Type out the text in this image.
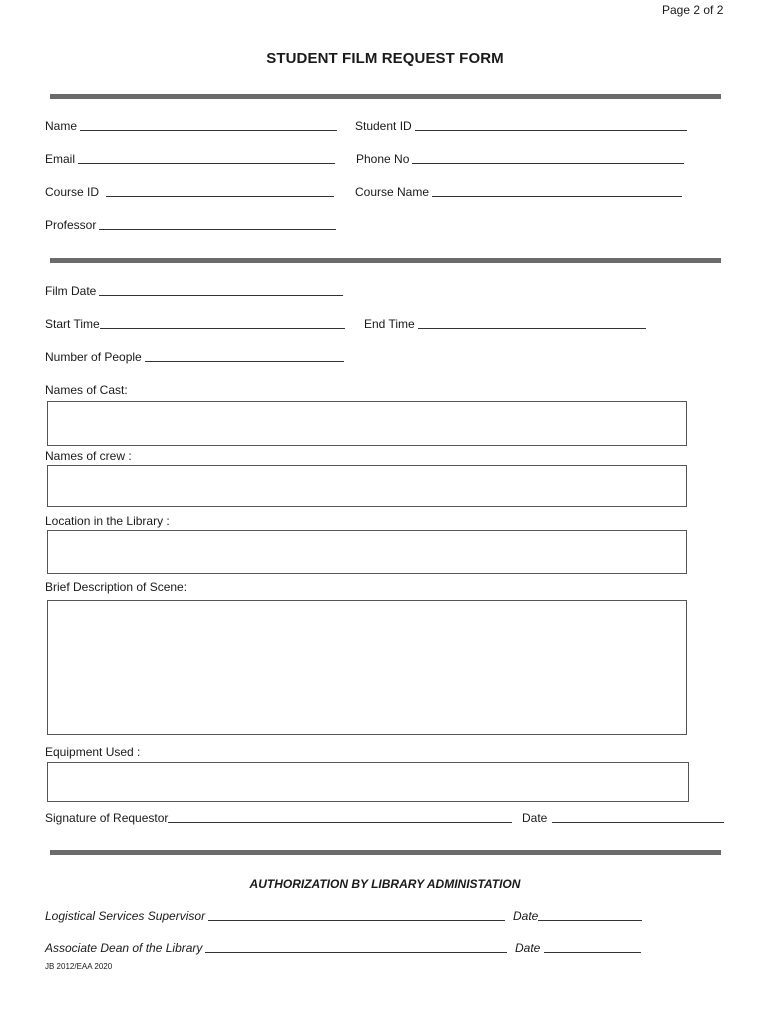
Page 2 of 2
STUDENT FILM REQUEST FORM
Name	Student ID
Email	Phone No
Course ID	Course Name
Professor
Film Date
Start Time	End Time
Number of People
Names of Cast:
Names of crew :
Location in the Library :
Brief Description of Scene:
Equipment Used :
Signature of Requestor	Date
AUTHORIZATION BY LIBRARY ADMINISTATION
Logistical Services Supervisor	Date
Associate Dean of the Library	Date
JB 2012/EAA 2020
